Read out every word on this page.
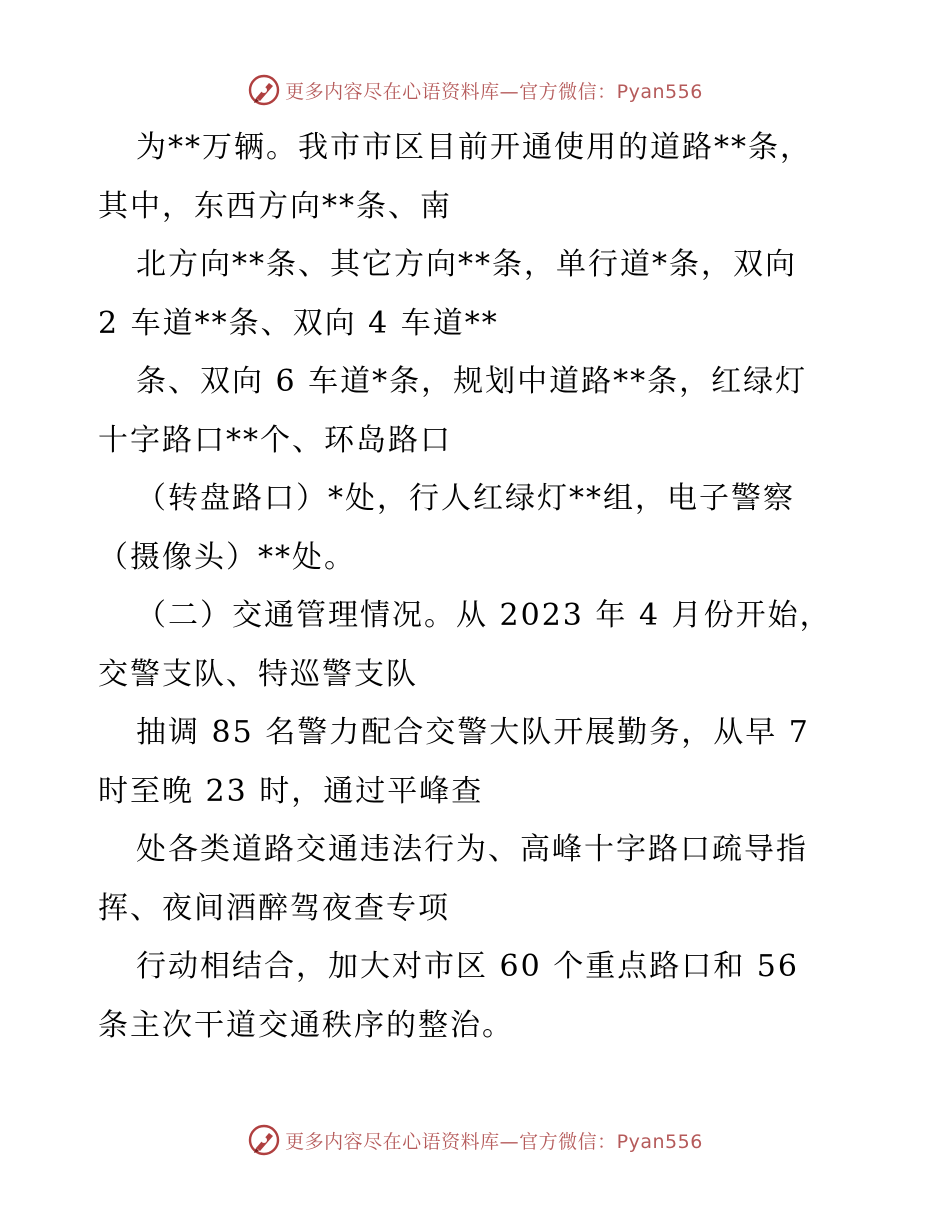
更多内容尽在心语资料库—官方微信：Pyan556
为**万辆。我市市区目前开通使用的道路**条，
其中，东西方向**条、南
北方向**条、其它方向**条，单行道*条，双向
2 车道**条、双向 4 车道**
条、双向 6 车道*条，规划中道路**条，红绿灯
十字路口**个、环岛路口
（转盘路口）*处，行人红绿灯**组，电子警察
（摄像头）**处。
（二）交通管理情况。从 2023 年 4 月份开始，
交警支队、特巡警支队
抽调 85 名警力配合交警大队开展勤务，从早 7
时至晚 23 时，通过平峰查
处各类道路交通违法行为、高峰十字路口疏导指
挥、夜间酒醉驾夜查专项
行动相结合，加大对市区 60 个重点路口和 56
条主次干道交通秩序的整治。
更多内容尽在心语资料库—官方微信：Pyan556
